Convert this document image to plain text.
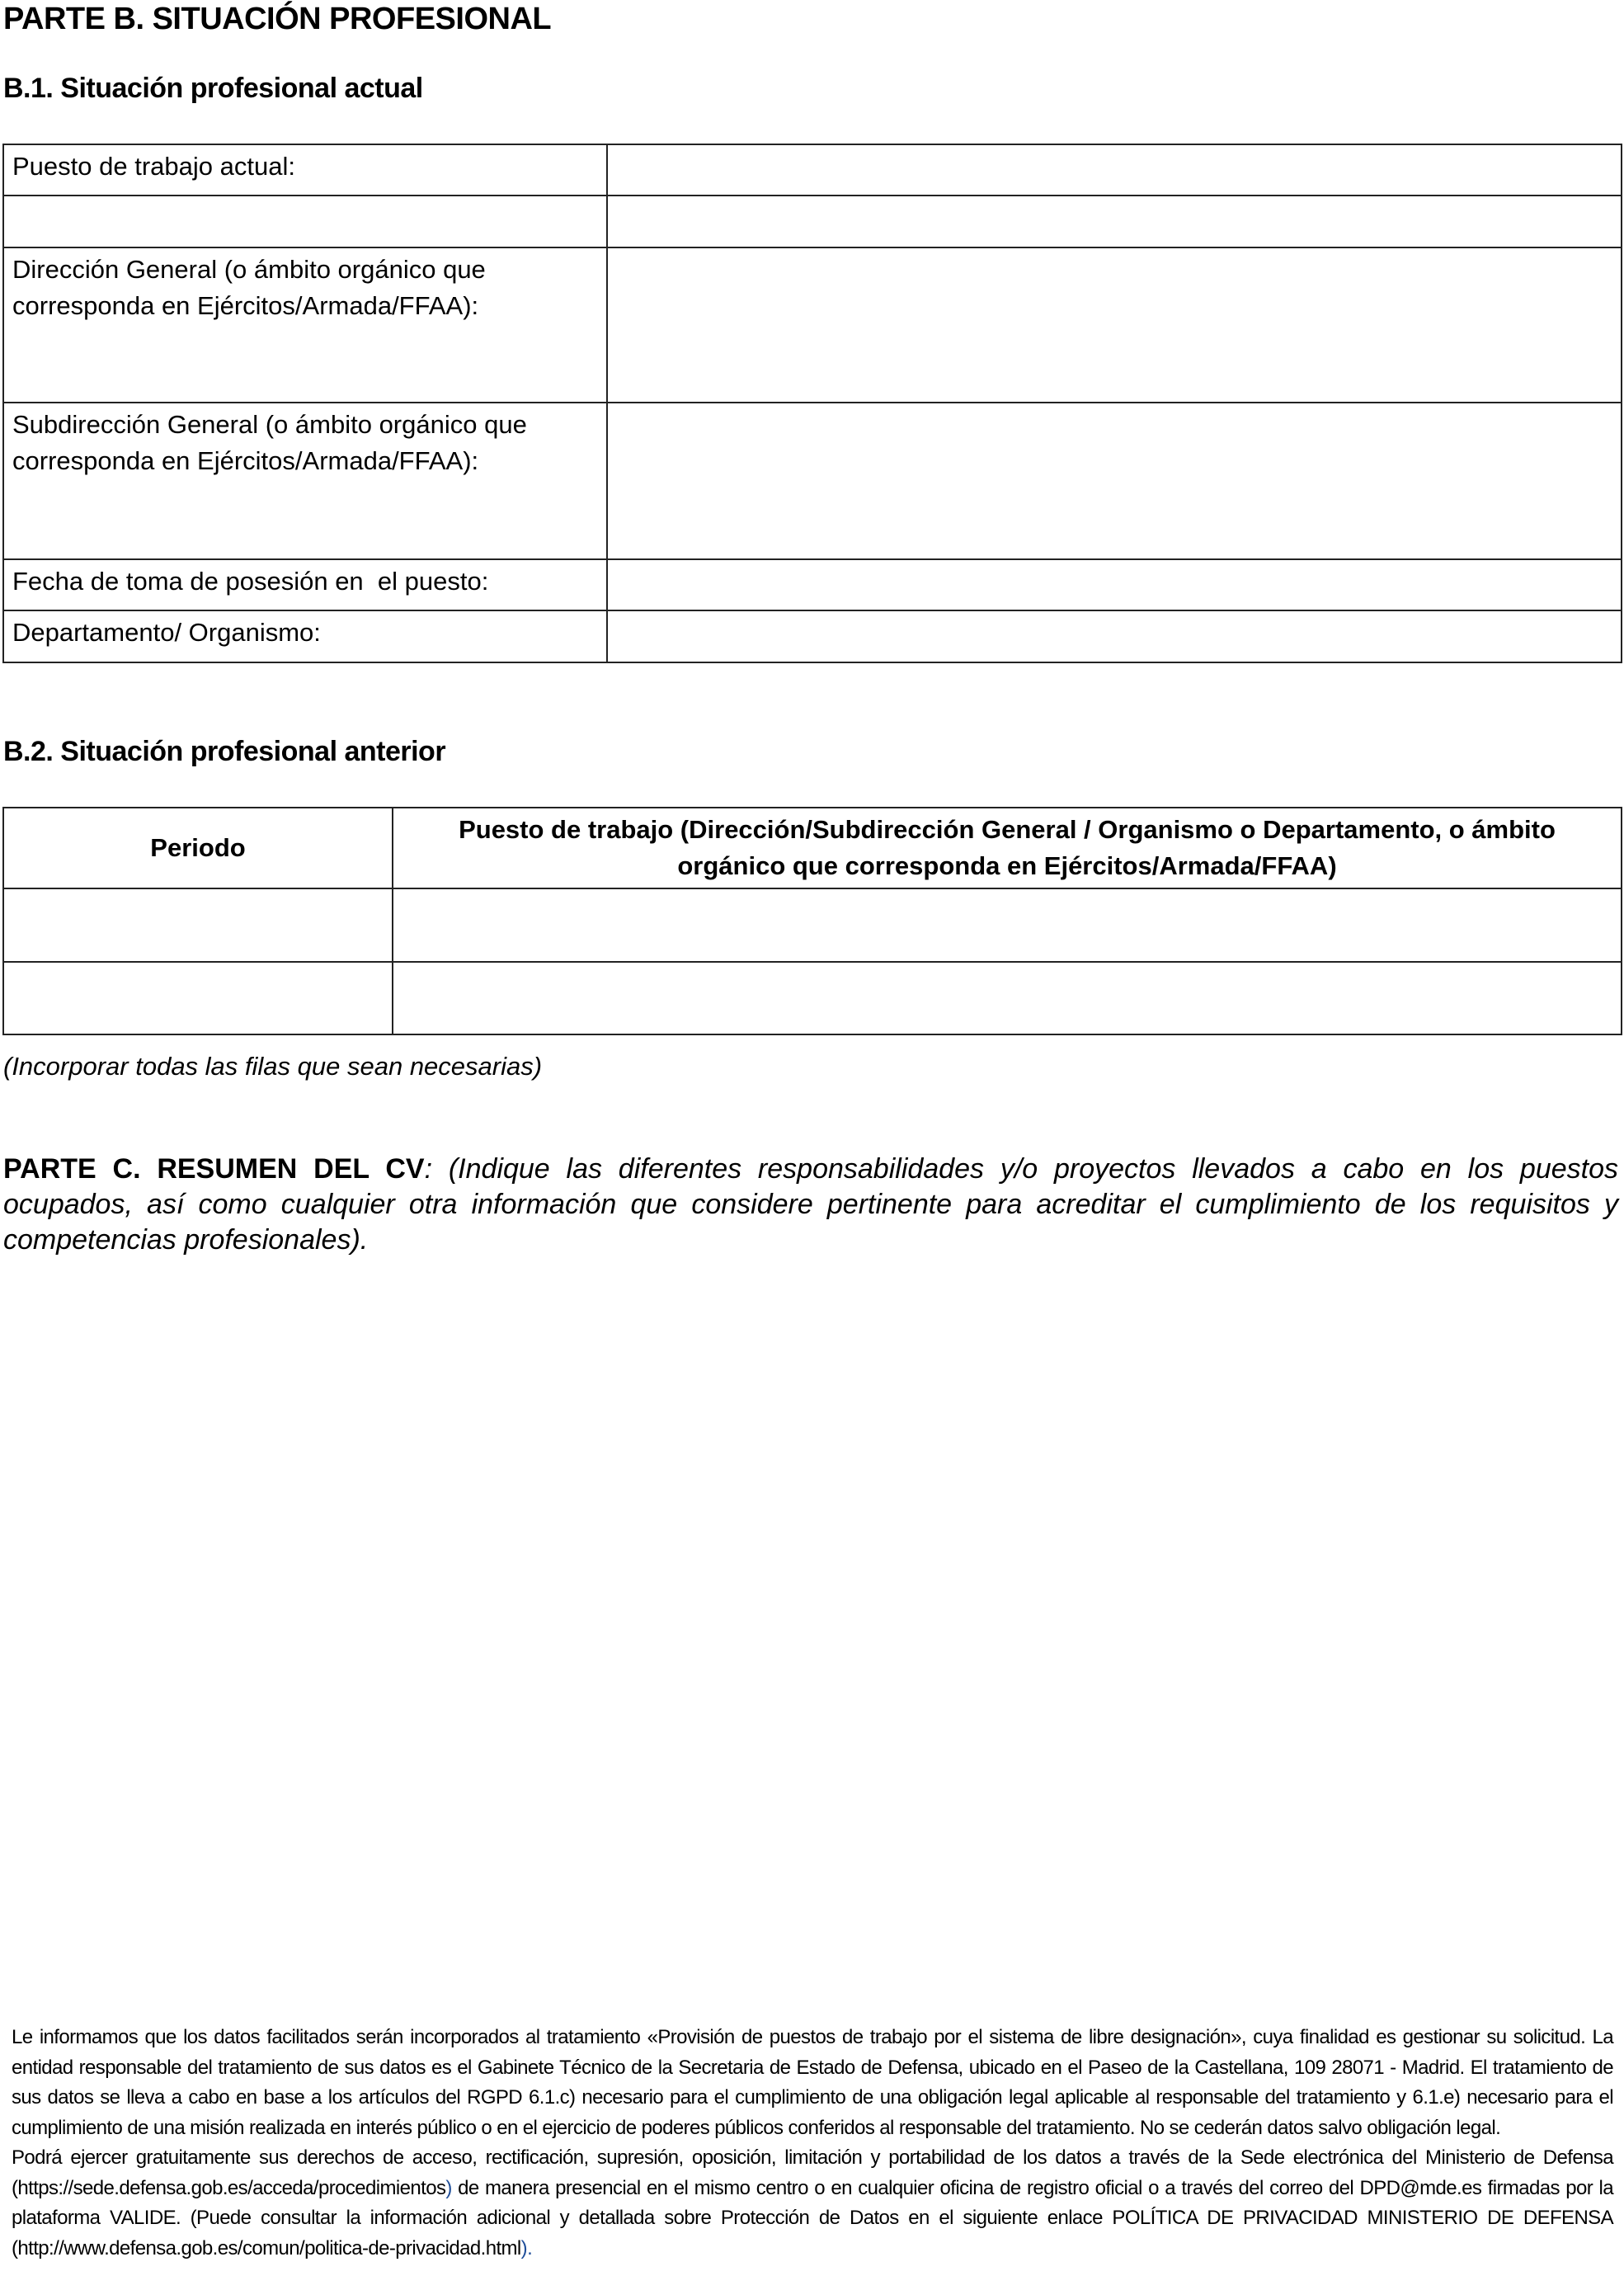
PARTE B. SITUACIÓN PROFESIONAL
B.1. Situación profesional actual
Puesto de trabajo actual:	

Dirección General (o ámbito orgánico que corresponda en Ejércitos/Armada/FFAA):	
Subdirección General (o ámbito orgánico que corresponda en Ejércitos/Armada/FFAA):	
Fecha de toma de posesión en  el puesto:	
Departamento/ Organismo:	
B.2. Situación profesional anterior
Periodo	Puesto de trabajo (Dirección/Subdirección General / Organismo o Departamento, o ámbito orgánico que corresponda en Ejércitos/Armada/FFAA)

(Incorporar todas las filas que sean necesarias)
PARTE C. RESUMEN DEL CV: (Indique las diferentes responsabilidades y/o proyectos llevados a cabo en los puestos ocupados, así como cualquier otra información que considere pertinente para acreditar el cumplimiento de los requisitos y competencias profesionales).

Le informamos que los datos facilitados serán incorporados al tratamiento «Provisión de puestos de trabajo por el sistema de libre designación», cuya finalidad es gestionar su solicitud. La entidad responsable del tratamiento de sus datos es el Gabinete Técnico de la Secretaria de Estado de Defensa, ubicado en el Paseo de la Castellana, 109 28071 - Madrid. El tratamiento de sus datos se lleva a cabo en base a los artículos del RGPD 6.1.c) necesario para el cumplimiento de una obligación legal aplicable al responsable del tratamiento y 6.1.e) necesario para el cumplimiento de una misión realizada en interés público o en el ejercicio de poderes públicos conferidos al responsable del tratamiento. No se cederán datos salvo obligación legal.

Podrá ejercer gratuitamente sus derechos de acceso, rectificación, supresión, oposición, limitación y portabilidad de los datos a través de la Sede electrónica del Ministerio de Defensa (https://sede.defensa.gob.es/acceda/procedimientos) de manera presencial en el mismo centro o en cualquier oficina de registro oficial o a través del correo del DPD@mde.es firmadas por la plataforma VALIDE. (Puede consultar la información adicional y detallada sobre Protección de Datos en el siguiente enlace POLÍTICA DE PRIVACIDAD MINISTERIO DE DEFENSA (http://www.defensa.gob.es/comun/politica-de-privacidad.html).
